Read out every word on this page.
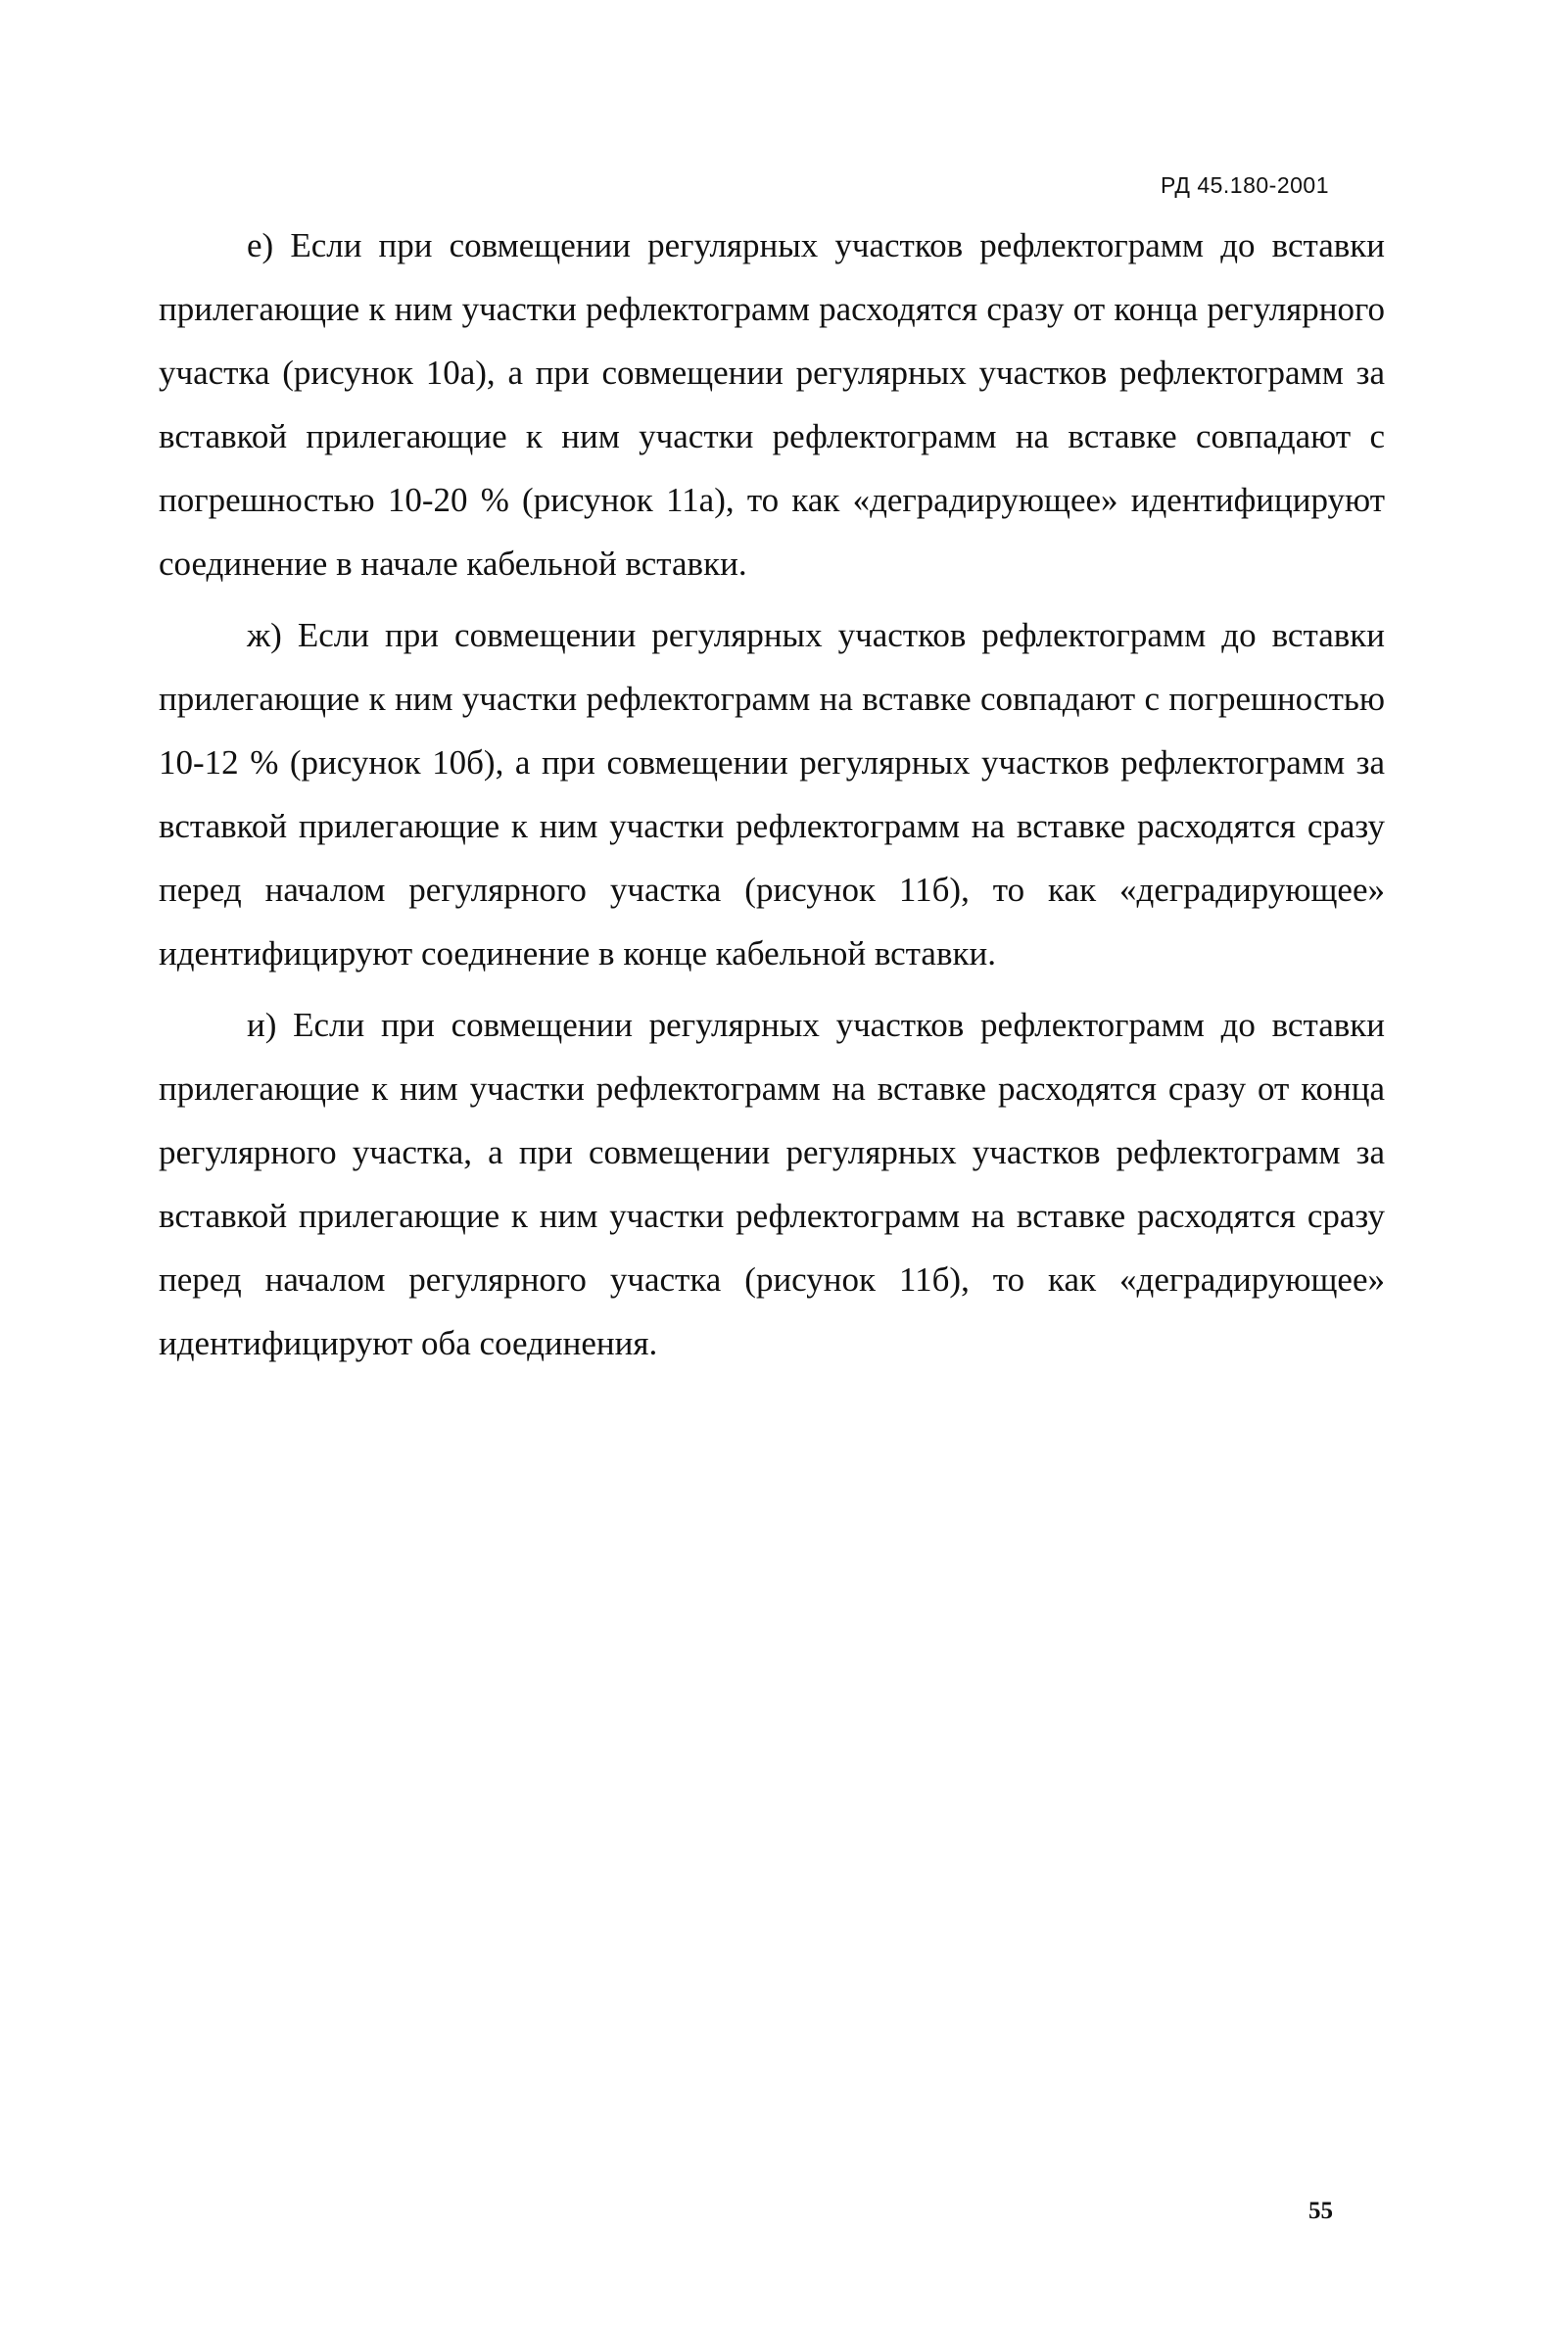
РД 45.180-2001

е) Если при совмещении регулярных участков рефлектограмм до вставки прилегающие к ним участки рефлектограмм расходятся сразу от конца регулярного участка (рисунок 10а), а при совмещении регулярных участков рефлектограмм за вставкой прилегающие к ним участки рефлектограмм на вставке совпадают с погрешностью 10-20 % (рисунок 11а), то как «деградирующее» идентифицируют соединение в начале кабельной вставки.

ж) Если при совмещении регулярных участков рефлектограмм до вставки прилегающие к ним участки рефлектограмм на вставке совпадают с погрешностью 10-12 % (рисунок 10б), а при совмещении регулярных участков рефлектограмм за вставкой прилегающие к ним участки рефлектограмм на вставке расходятся сразу перед началом регулярного участка (рисунок 11б), то как «деградирующее» идентифицируют соединение в конце кабельной вставки.

и) Если при совмещении регулярных участков рефлектограмм до вставки прилегающие к ним участки рефлектограмм на вставке расходятся сразу от конца регулярного участка, а при совмещении регулярных участков рефлектограмм за вставкой прилегающие к ним участки рефлектограмм на вставке расходятся сразу перед началом регулярного участка (рисунок 11б), то как «деградирующее» идентифицируют оба соединения.

55
